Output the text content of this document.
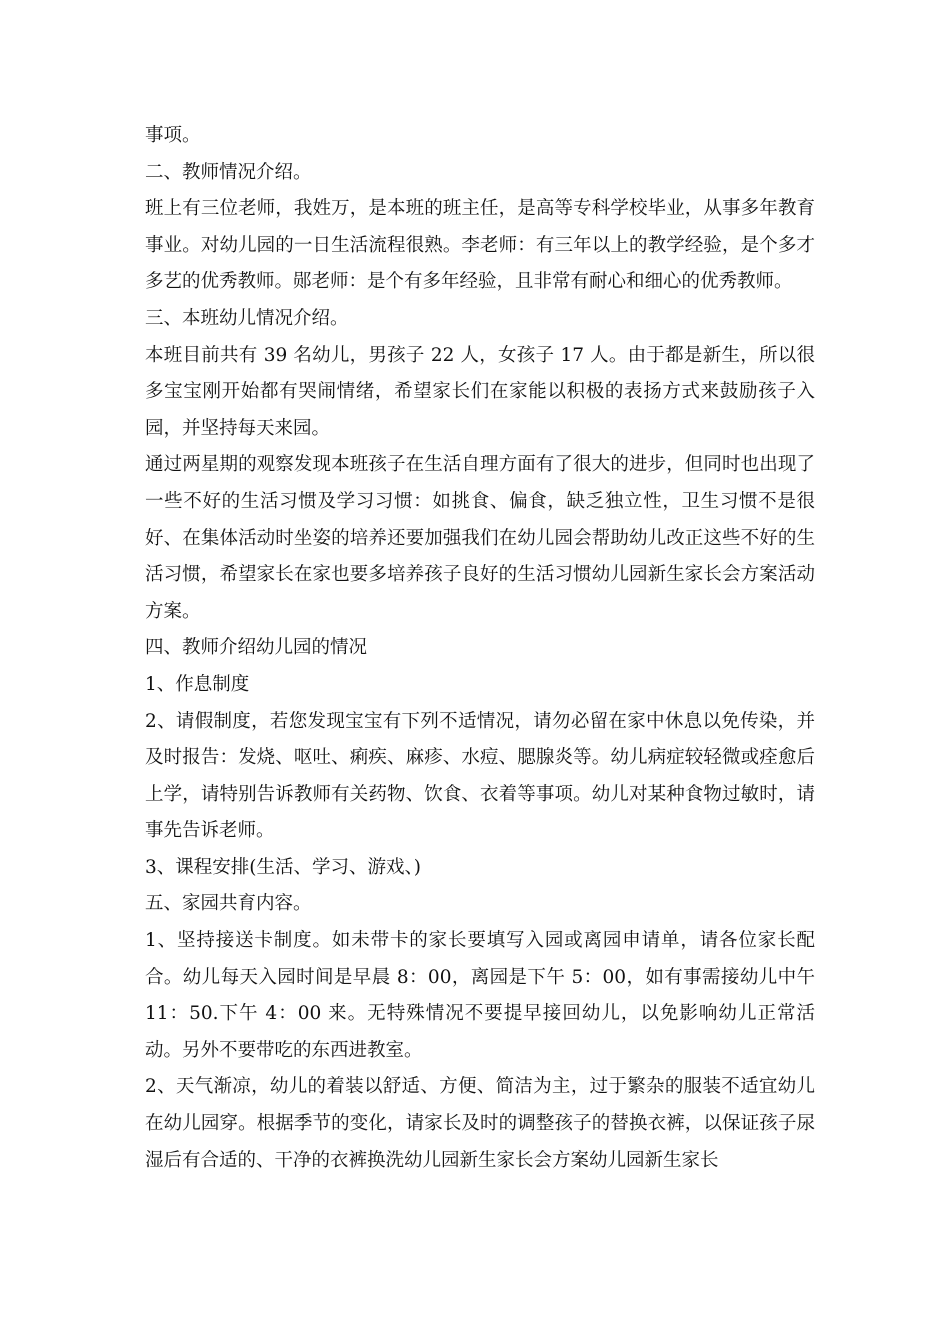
事项。

二、教师情况介绍。

班上有三位老师，我姓万，是本班的班主任，是高等专科学校毕业，从事多年教育事业。对幼儿园的一日生活流程很熟。李老师：有三年以上的教学经验，是个多才多艺的优秀教师。郧老师：是个有多年经验，且非常有耐心和细心的优秀教师。

三、本班幼儿情况介绍。

本班目前共有 39 名幼儿，男孩子 22 人，女孩子 17 人。由于都是新生，所以很多宝宝刚开始都有哭闹情绪，希望家长们在家能以积极的表扬方式来鼓励孩子入园，并坚持每天来园。

通过两星期的观察发现本班孩子在生活自理方面有了很大的进步，但同时也出现了一些不好的生活习惯及学习习惯：如挑食、偏食，缺乏独立性，卫生习惯不是很好、在集体活动时坐姿的培养还要加强我们在幼儿园会帮助幼儿改正这些不好的生活习惯，希望家长在家也要多培养孩子良好的生活习惯幼儿园新生家长会方案活动方案。

四、教师介绍幼儿园的情况

1、作息制度

2、请假制度，若您发现宝宝有下列不适情况，请勿必留在家中休息以免传染，并及时报告：发烧、呕吐、痢疾、麻疹、水痘、腮腺炎等。幼儿病症较轻微或痊愈后上学，请特别告诉教师有关药物、饮食、衣着等事项。幼儿对某种食物过敏时，请事先告诉老师。

3、课程安排(生活、学习、游戏、)

五、家园共育内容。

1、坚持接送卡制度。如未带卡的家长要填写入园或离园申请单，请各位家长配合。幼儿每天入园时间是早晨 8：00，离园是下午 5：00，如有事需接幼儿中午 11：50.下午 4：00 来。无特殊情况不要提早接回幼儿，以免影响幼儿正常活动。另外不要带吃的东西进教室。

2、天气渐凉，幼儿的着装以舒适、方便、简洁为主，过于繁杂的服装不适宜幼儿在幼儿园穿。根据季节的变化，请家长及时的调整孩子的替换衣裤，以保证孩子尿湿后有合适的、干净的衣裤换洗幼儿园新生家长会方案幼儿园新生家长
